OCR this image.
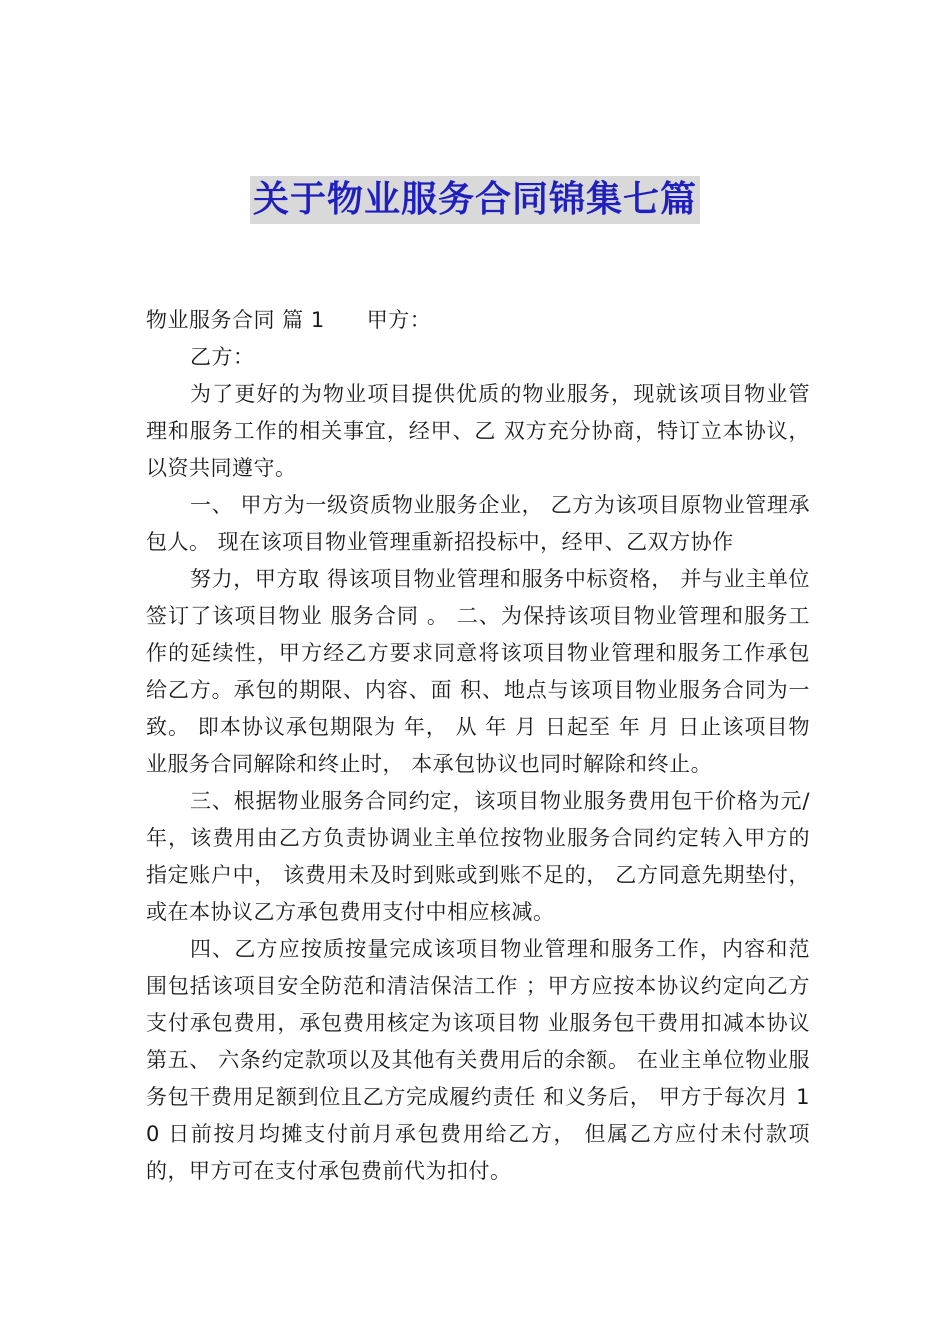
关于物业服务合同锦集七篇

物业服务合同 篇 1 甲方：

乙方：

为了更好的为物业项目提供优质的物业服务，现就该项目物业管理和服务工作的相关事宜，经甲、乙 双方充分协商，特订立本协议，以资共同遵守。

一、 甲方为一级资质物业服务企业， 乙方为该项目原物业管理承包人。 现在该项目物业管理重新招投标中，经甲、乙双方协作

努力，甲方取 得该项目物业管理和服务中标资格， 并与业主单位签订了该项目物业 服务合同 。 二、为保持该项目物业管理和服务工作的延续性，甲方经乙方要求同意将该项目物业管理和服务工作承包给乙方。承包的期限、内容、面 积、地点与该项目物业服务合同为一致。 即本协议承包期限为 年， 从 年 月 日起至 年 月 日止该项目物业服务合同解除和终止时， 本承包协议也同时解除和终止。

三、根据物业服务合同约定，该项目物业服务费用包干价格为元/年，该费用由乙方负责协调业主单位按物业服务合同约定转入甲方的指定账户中， 该费用未及时到账或到账不足的， 乙方同意先期垫付， 或在本协议乙方承包费用支付中相应核减。

四、乙方应按质按量完成该项目物业管理和服务工作，内容和范围包括该项目安全防范和清洁保洁工作 ；甲方应按本协议约定向乙方支付承包费用，承包费用核定为该项目物 业服务包干费用扣减本协议第五、 六条约定款项以及其他有关费用后的余额。 在业主单位物业服务包干费用足额到位且乙方完成履约责任 和义务后， 甲方于每次月 10 日前按月均摊支付前月承包费用给乙方， 但属乙方应付未付款项的，甲方可在支付承包费前代为扣付。
